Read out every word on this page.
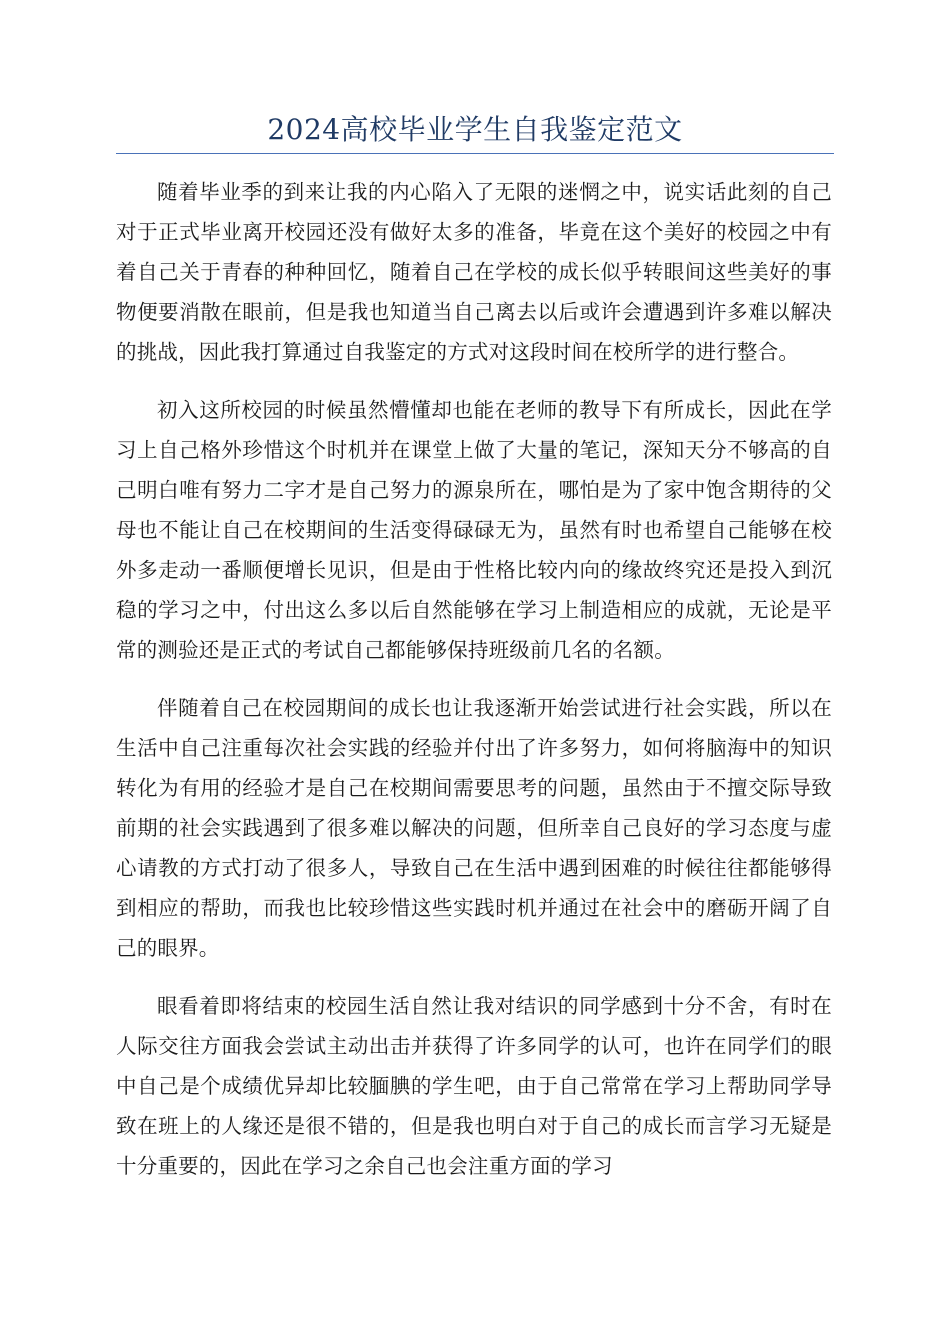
2024高校毕业学生自我鉴定范文

随着毕业季的到来让我的内心陷入了无限的迷惘之中，说实话此刻的自己对于正式毕业离开校园还没有做好太多的准备，毕竟在这个美好的校园之中有着自己关于青春的种种回忆，随着自己在学校的成长似乎转眼间这些美好的事物便要消散在眼前，但是我也知道当自己离去以后或许会遭遇到许多难以解决的挑战，因此我打算通过自我鉴定的方式对这段时间在校所学的进行整合。

初入这所校园的时候虽然懵懂却也能在老师的教导下有所成长，因此在学习上自己格外珍惜这个时机并在课堂上做了大量的笔记，深知天分不够高的自己明白唯有努力二字才是自己努力的源泉所在，哪怕是为了家中饱含期待的父母也不能让自己在校期间的生活变得碌碌无为，虽然有时也希望自己能够在校外多走动一番顺便增长见识，但是由于性格比较内向的缘故终究还是投入到沉稳的学习之中，付出这么多以后自然能够在学习上制造相应的成就，无论是平常的测验还是正式的考试自己都能够保持班级前几名的名额。

伴随着自己在校园期间的成长也让我逐渐开始尝试进行社会实践，所以在生活中自己注重每次社会实践的经验并付出了许多努力，如何将脑海中的知识转化为有用的经验才是自己在校期间需要思考的问题，虽然由于不擅交际导致前期的社会实践遇到了很多难以解决的问题，但所幸自己良好的学习态度与虚心请教的方式打动了很多人，导致自己在生活中遇到困难的时候往往都能够得到相应的帮助，而我也比较珍惜这些实践时机并通过在社会中的磨砺开阔了自己的眼界。

眼看着即将结束的校园生活自然让我对结识的同学感到十分不舍，有时在人际交往方面我会尝试主动出击并获得了许多同学的认可，也许在同学们的眼中自己是个成绩优异却比较腼腆的学生吧，由于自己常常在学习上帮助同学导致在班上的人缘还是很不错的，但是我也明白对于自己的成长而言学习无疑是十分重要的，因此在学习之余自己也会注重方面的学习
